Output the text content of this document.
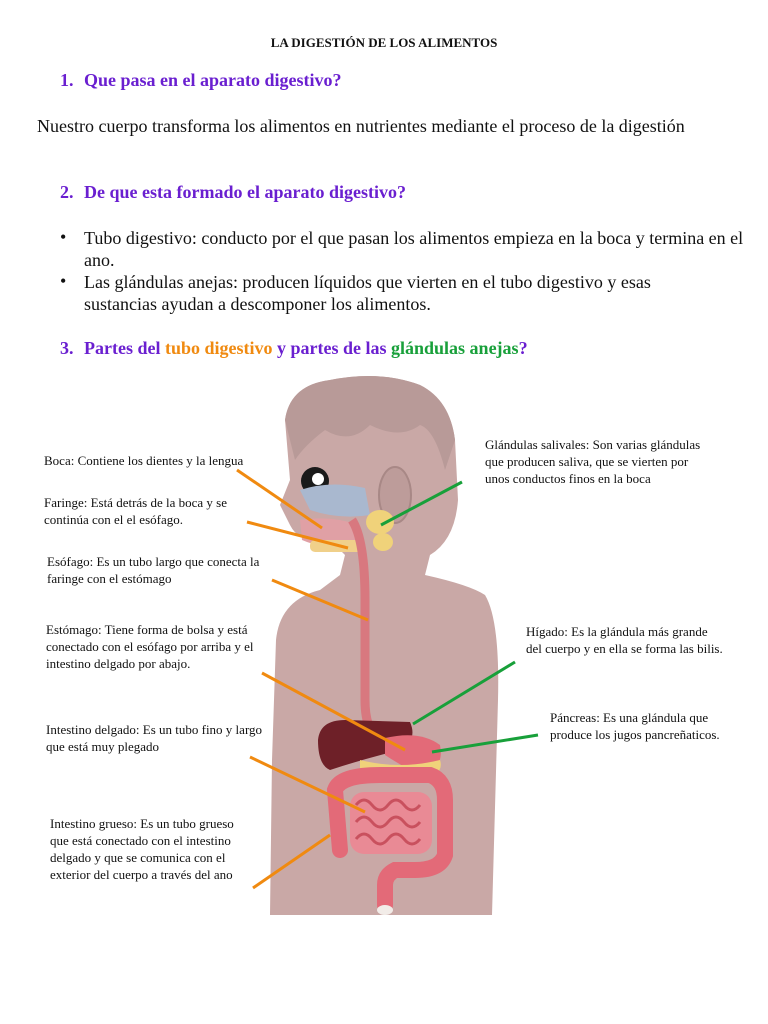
LA DIGESTIÓN DE LOS ALIMENTOS
1. Que pasa en el aparato digestivo?
Nuestro cuerpo transforma los alimentos en nutrientes mediante el proceso de la digestión
2. De que esta formado el aparato digestivo?
• Tubo digestivo: conducto por el que pasan los alimentos empieza en la boca y termina en el ano.
• Las glándulas anejas: producen líquidos que vierten en el tubo digestivo y esas sustancias ayudan a descomponer los alimentos.
3. Partes del tubo digestivo y partes de las glándulas anejas?
Boca: Contiene los dientes y la lengua
Faringe: Está detrás de la boca y se continúa con el el esófago.
Esófago: Es un tubo largo que conecta la faringe con el estómago
Estómago: Tiene forma de bolsa y está conectado con el esófago por arriba y el intestino delgado por abajo.
Intestino delgado: Es un tubo fino y largo que está muy plegado
Intestino grueso: Es un tubo grueso que está conectado con el intestino delgado y que se comunica con el exterior del cuerpo a través del ano
Glándulas salivales: Son varias glándulas que producen saliva, que se vierten por unos conductos finos en la boca
Hígado: Es la glándula más grande del cuerpo y en ella se forma las bilis.
Páncreas: Es una glándula que produce los jugos pancreñaticos.
